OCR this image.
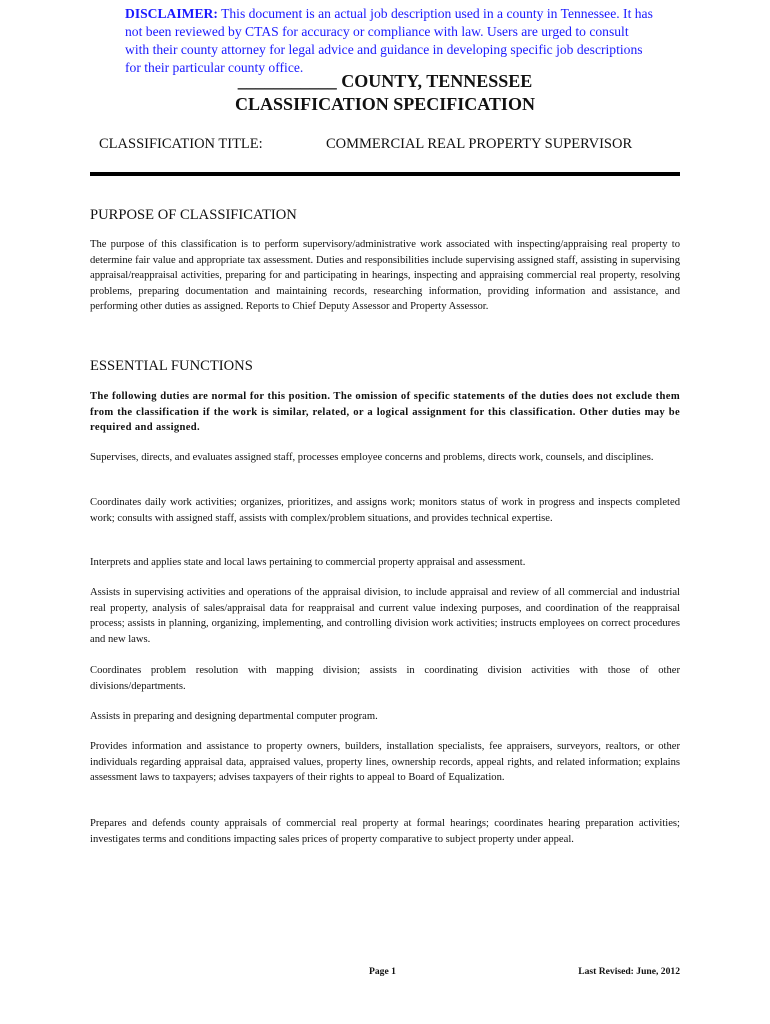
DISCLAIMER: This document is an actual job description used in a county in Tennessee. It has not been reviewed by CTAS for accuracy or compliance with law. Users are urged to consult with their county attorney for legal advice and guidance in developing specific job descriptions for their particular county office.
___________ COUNTY, TENNESSEE
CLASSIFICATION SPECIFICATION
CLASSIFICATION TITLE:	COMMERCIAL REAL PROPERTY SUPERVISOR
PURPOSE OF CLASSIFICATION
The purpose of this classification is to perform supervisory/administrative work associated with inspecting/appraising real property to determine fair value and appropriate tax assessment. Duties and responsibilities include supervising assigned staff, assisting in supervising appraisal/reappraisal activities, preparing for and participating in hearings, inspecting and appraising commercial real property, resolving problems, preparing documentation and maintaining records, researching information, providing information and assistance, and performing other duties as assigned. Reports to Chief Deputy Assessor and Property Assessor.
ESSENTIAL FUNCTIONS
The following duties are normal for this position. The omission of specific statements of the duties does not exclude them from the classification if the work is similar, related, or a logical assignment for this classification. Other duties may be required and assigned.
Supervises, directs, and evaluates assigned staff, processes employee concerns and problems, directs work, counsels, and disciplines.
Coordinates daily work activities; organizes, prioritizes, and assigns work; monitors status of work in progress and inspects completed work; consults with assigned staff, assists with complex/problem situations, and provides technical expertise.
Interprets and applies state and local laws pertaining to commercial property appraisal and assessment.
Assists in supervising activities and operations of the appraisal division, to include appraisal and review of all commercial and industrial real property, analysis of sales/appraisal data for reappraisal and current value indexing purposes, and coordination of the reappraisal process; assists in planning, organizing, implementing, and controlling division work activities; instructs employees on correct procedures and new laws.
Coordinates problem resolution with mapping division; assists in coordinating division activities with those of other divisions/departments.
Assists in preparing and designing departmental computer program.
Provides information and assistance to property owners, builders, installation specialists, fee appraisers, surveyors, realtors, or other individuals regarding appraisal data, appraised values, property lines, ownership records, appeal rights, and related information; explains assessment laws to taxpayers; advises taxpayers of their rights to appeal to Board of Equalization.
Prepares and defends county appraisals of commercial real property at formal hearings; coordinates hearing preparation activities; investigates terms and conditions impacting sales prices of property comparative to subject property under appeal.
Page 1	Last Revised: June, 2012
